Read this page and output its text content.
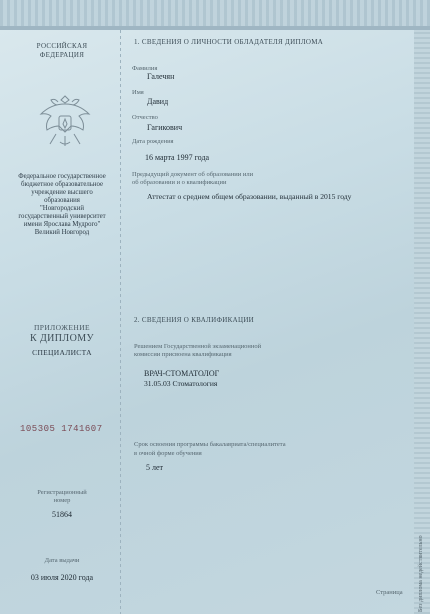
РОССИЙСКАЯ
ФЕДЕРАЦИЯ
Федеральное государственное
бюджетное образовательное
учреждение высшего
образования
"Новгородский
государственный университет
имени Ярослава Мудрого"
Великий Новгород
ПРИЛОЖЕНИЕ
К ДИПЛОМУ
СПЕЦИАЛИСТА
105305 1741607
Регистрационный
номер
51864
Дата выдачи
03 июля 2020 года
1. СВЕДЕНИЯ О ЛИЧНОСТИ ОБЛАДАТЕЛЯ ДИПЛОМА
Фамилия
Галечян
Имя
Давид
Отчество
Гагикович
Дата рождения
16 марта 1997 года
Предыдущий документ об образовании или
об образовании и о квалификации
Аттестат о среднем общем образовании, выданный в 2015 году
2. СВЕДЕНИЯ О КВАЛИФИКАЦИИ
Решением Государственной экзаменационной
комиссии присвоена квалификация
ВРАЧ-СТОМАТОЛОГ
31.05.03 Стоматология
Срок освоения программы бакалавриата/специалитета
в очной форме обучения
5 лет
Страница	Без диплома недействительно
